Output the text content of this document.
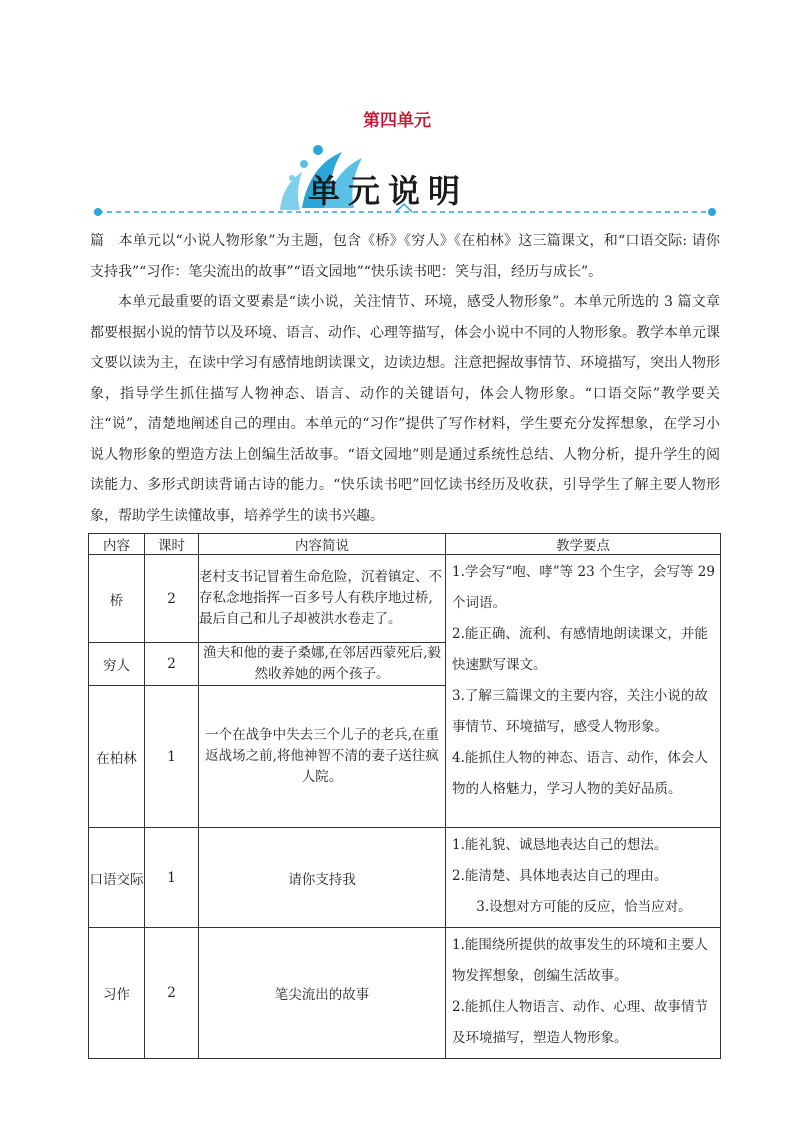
第四单元
单元说明

篇　本单元以“小说人物形象”为主题，包含《桥》《穷人》《在柏林》这三篇课文，和“口语交际: 请你支持我”“习作：笔尖流出的故事”“语文园地”“快乐读书吧：笑与泪，经历与成长”。

本单元最重要的语文要素是“读小说，关注情节、环境，感受人物形象”。本单元所选的 3 篇文章都要根据小说的情节以及环境、语言、动作、心理等描写，体会小说中不同的人物形象。教学本单元课文要以读为主，在读中学习有感情地朗读课文，边读边想。注意把握故事情节、环境描写，突出人物形象，指导学生抓住描写人物神态、语言、动作的关键语句，体会人物形象。“口语交际”教学要关注“说”，清楚地阐述自己的理由。本单元的“习作”提供了写作材料，学生要充分发挥想象，在学习小说人物形象的塑造方法上创编生活故事。“语文园地”则是通过系统性总结、人物分析，提升学生的阅读能力、多形式朗读背诵古诗的能力。“快乐读书吧”回忆读书经历及收获，引导学生了解主要人物形象，帮助学生读懂故事，培养学生的读书兴趣。

内容	课时	内容简说	教学要点
桥	2	老村支书记冒着生命危险，沉着镇定、不存私念地指挥一百多号人有秩序地过桥,最后自己和儿子却被洪水卷走了。	1.学会写“咆、哮”等 23 个生字，会写等 29 个词语。
2.能正确、流利、有感情地朗读课文，并能快速默写课文。
3.了解三篇课文的主要内容，关注小说的故事情节、环境描写，感受人物形象。
4.能抓住人物的神态、语言、动作，体会人物的人格魅力，学习人物的美好品质。

穷人	2	渔夫和他的妻子桑娜,在邻居西蒙死后,毅然收养她的两个孩子。	
在柏林	1	一个在战争中失去三个儿子的老兵,在重返战场之前,将他神智不清的妻子送往疯人院。	
口语交际	1	请你支持我	1.能礼貌、诚恳地表达自己的想法。
2.能清楚、具体地表达自己的理由。
3.设想对方可能的反应，恰当应对。

习作	2	笔尖流出的故事	1.能围绕所提供的故事发生的环境和主要人物发挥想象，创编生活故事。
2.能抓住人物语言、动作、心理、故事情节及环境描写，塑造人物形象。
